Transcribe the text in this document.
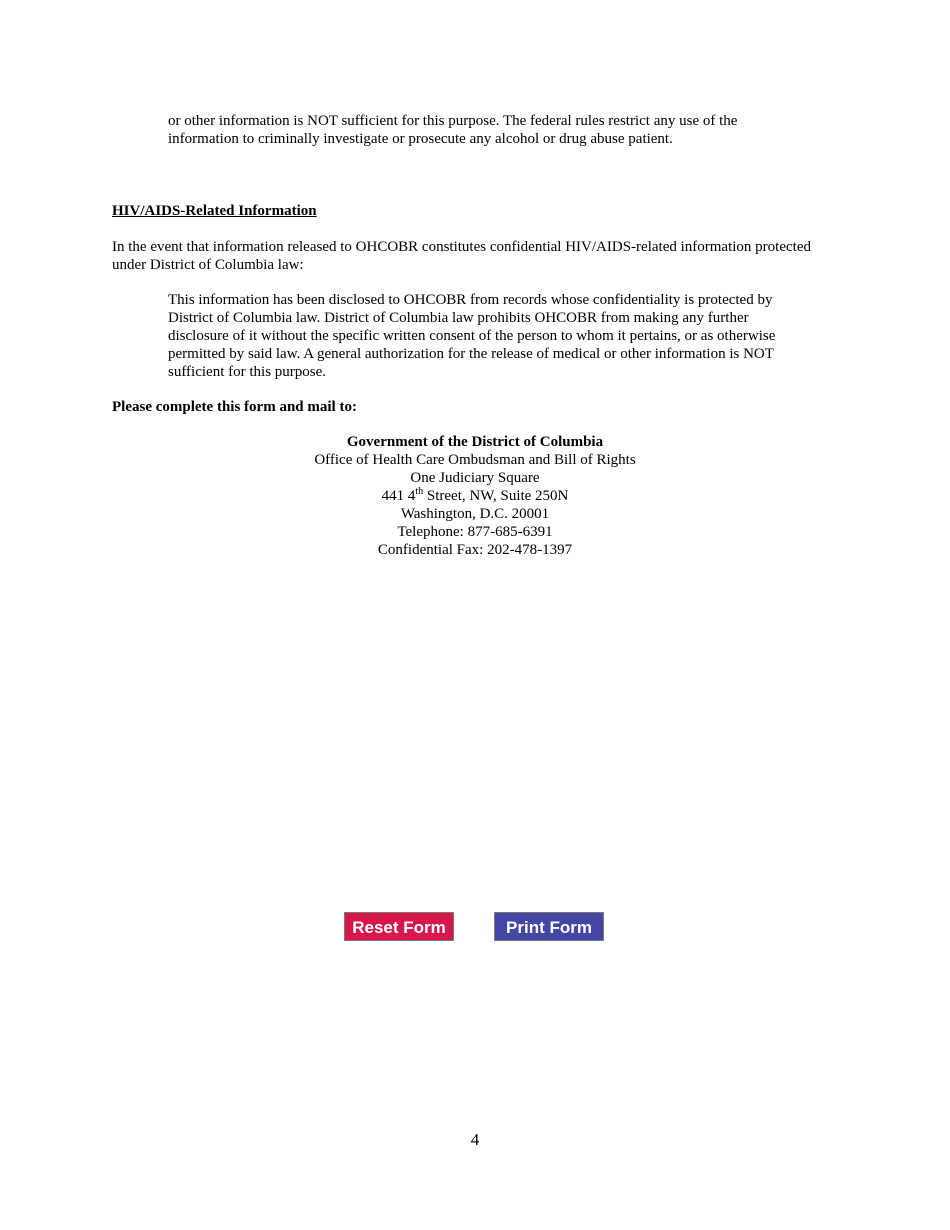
or other information is NOT sufficient for this purpose. The federal rules restrict any use of the
information to criminally investigate or prosecute any alcohol or drug abuse patient.
HIV/AIDS-Related Information
In the event that information released to OHCOBR constitutes confidential HIV/AIDS-related information protected
under District of Columbia law:
This information has been disclosed to OHCOBR from records whose confidentiality is protected by
District of Columbia law. District of Columbia law prohibits OHCOBR from making any further
disclosure of it without the specific written consent of the person to whom it pertains, or as otherwise
permitted by said law. A general authorization for the release of medical or other information is NOT
sufficient for this purpose.
Please complete this form and mail to:
Government of the District of Columbia
Office of Health Care Ombudsman and Bill of Rights
One Judiciary Square
441 4th Street, NW, Suite 250N
Washington, D.C. 20001
Telephone: 877-685-6391
Confidential Fax: 202-478-1397
Reset Form	Print Form
4
